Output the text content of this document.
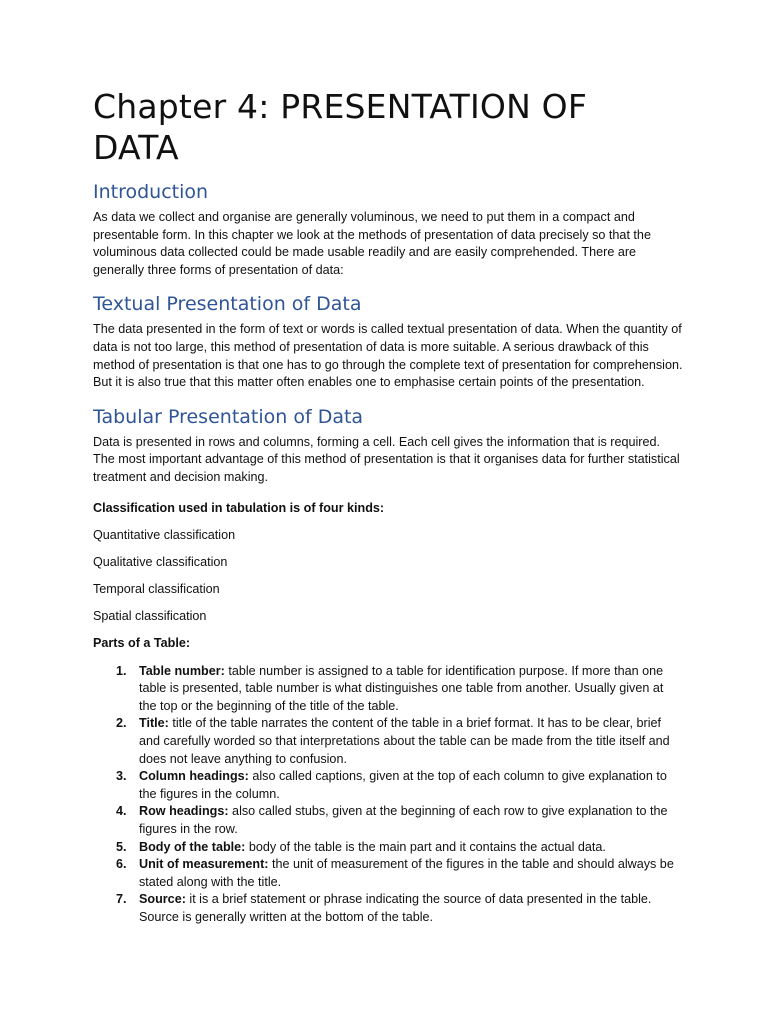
Chapter 4: PRESENTATION OF DATA
Introduction

As data we collect and organise are generally voluminous, we need to put them in a compact and presentable form. In this chapter we look at the methods of presentation of data precisely so that the voluminous data collected could be made usable readily and are easily comprehended. There are generally three forms of presentation of data:

Textual Presentation of Data

The data presented in the form of text or words is called textual presentation of data. When the quantity of data is not too large, this method of presentation of data is more suitable. A serious drawback of this method of presentation is that one has to go through the complete text of presentation for comprehension. But it is also true that this matter often enables one to emphasise certain points of the presentation.

Tabular Presentation of Data

Data is presented in rows and columns, forming a cell. Each cell gives the information that is required. The most important advantage of this method of presentation is that it organises data for further statistical treatment and decision making.

Classification used in tabulation is of four kinds:

Quantitative classification

Qualitative classification

Temporal classification

Spatial classification

Parts of a Table:

1. Table number: table number is assigned to a table for identification purpose. If more than one table is presented, table number is what distinguishes one table from another. Usually given at the top or the beginning of the title of the table.
2. Title: title of the table narrates the content of the table in a brief format. It has to be clear, brief and carefully worded so that interpretations about the table can be made from the title itself and does not leave anything to confusion.
3. Column headings: also called captions, given at the top of each column to give explanation to the figures in the column.
4. Row headings: also called stubs, given at the beginning of each row to give explanation to the figures in the row.
5. Body of the table: body of the table is the main part and it contains the actual data.
6. Unit of measurement: the unit of measurement of the figures in the table and should always be stated along with the title.
7. Source: it is a brief statement or phrase indicating the source of data presented in the table. Source is generally written at the bottom of the table.
